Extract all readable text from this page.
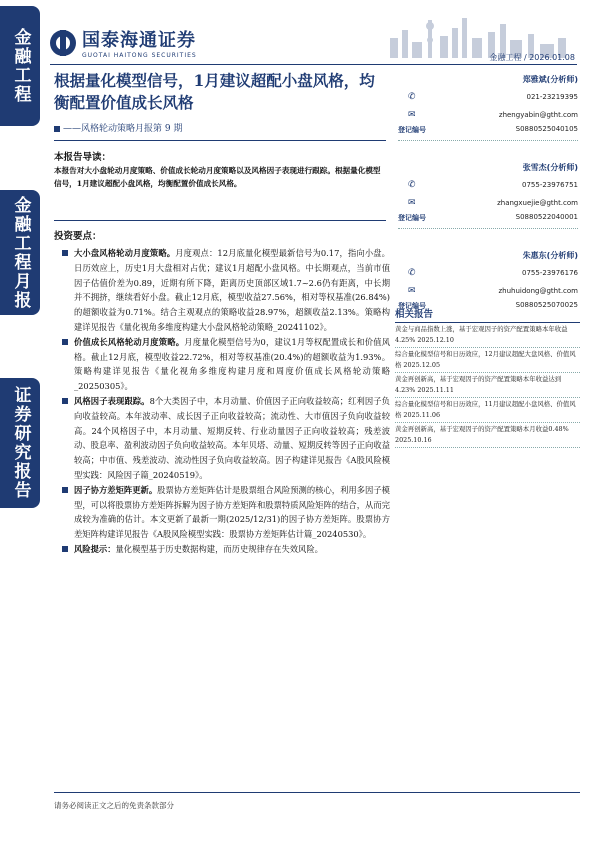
金融工程
金融工程月报
证券研究报告
国泰海通证券
GUOTAI HAITONG SECURITIES	金融工程 / 2026.01.08
根据量化模型信号，1月建议超配小盘风格，均衡配置价值成长风格
——风格轮动策略月报第 9 期
郑雅斌(分析师)
✆	021-23219395
✉	zhengyabin@gtht.com
登记编号	S0880525040105
张雪杰(分析师)
✆	0755-23976751
✉	zhangxuejie@gtht.com
登记编号	S0880522040001
朱惠东(分析师)
✆	0755-23976176
✉	zhuhuidong@gtht.com
登记编号	S0880525070025
本报告导读：
本报告对大小盘轮动月度策略、价值成长轮动月度策略以及风格因子表现进行跟踪。根据量化模型信号，1月建议超配小盘风格，均衡配置价值成长风格。
投资要点：
大小盘风格轮动月度策略。月度观点：12月底量化模型最新信号为0.17，指向小盘。日历效应上，历史1月大盘相对占优；建议1月超配小盘风格。中长期观点，当前市值因子估值价差为0.89，近期有所下降，距离历史顶部区域1.7~2.6仍有距离，中长期并不拥挤，继续看好小盘。截止12月底，模型收益27.56%，相对等权基准(26.84%)的超额收益为0.71%。结合主观观点的策略收益28.97%，超额收益2.13%。策略构建详见报告《量化视角多维度构建大小盘风格轮动策略_20241102》。
价值成长风格轮动月度策略。月度量化模型信号为0，建议1月等权配置成长和价值风格。截止12月底，模型收益22.72%，相对等权基准(20.4%)的超额收益为1.93%。策略构建详见报告《量化视角多维度构建月度和周度价值成长风格轮动策略_20250305》。
风格因子表现跟踪。8个大类因子中，本月动量、价值因子正向收益较高；红利因子负向收益较高。本年波动率、成长因子正向收益较高；流动性、大市值因子负向收益较高。24个风格因子中，本月动量、短期反转、行业动量因子正向收益较高；残差波动、股息率、盈利波动因子负向收益较高。本年贝塔、动量、短期反转等因子正向收益较高；中市值、残差波动、流动性因子负向收益较高。因子构建详见报告《A股风险模型实践：风险因子篇_20240519》。
因子协方差矩阵更新。股票协方差矩阵估计是股票组合风险预测的核心，利用多因子模型，可以将股票协方差矩阵拆解为因子协方差矩阵和股票特质风险矩阵的结合，从而完成较为准确的估计。本文更新了最新一期(2025/12/31)的因子协方差矩阵。股票协方差矩阵构建详见报告《A股风险模型实践：股票协方差矩阵估计篇_20240530》。
风险提示：量化模型基于历史数据构建，而历史规律存在失效风险。
相关报告
黄金与商品指数上涨，基于宏观因子的资产配置策略本年收益4.25% 2025.12.10
综合量化模型信号和日历效应，12月建议超配大盘风格、价值风格 2025.12.05
黄金再创新高，基于宏观因子的资产配置策略本年收益达到4.23% 2025.11.11
综合量化模型信号和日历效应，11月建议超配小盘风格、价值风格 2025.11.06
黄金再创新高，基于宏观因子的资产配置策略本月收益0.48% 2025.10.16
请务必阅读正文之后的免责条款部分
